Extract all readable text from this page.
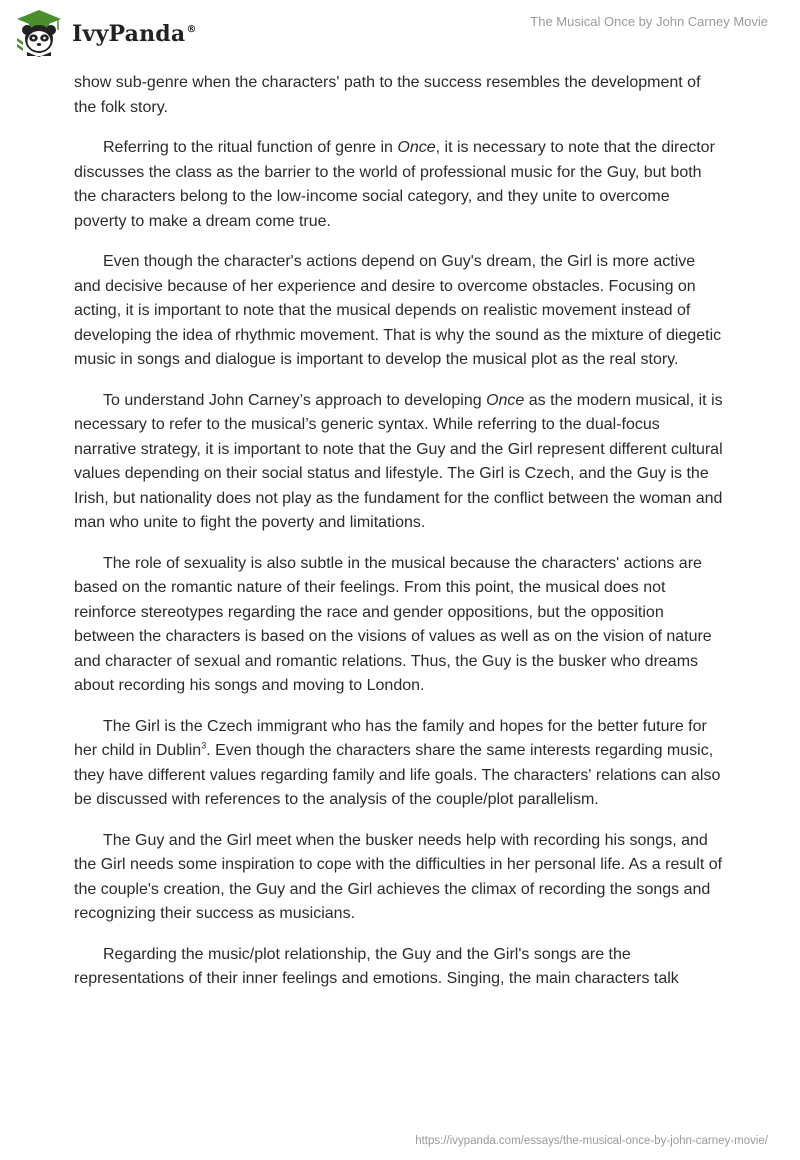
IvyPanda®
The Musical Once by John Carney Movie

show sub-genre when the characters' path to the success resembles the development of the folk story.

Referring to the ritual function of genre in Once, it is necessary to note that the director discusses the class as the barrier to the world of professional music for the Guy, but both the characters belong to the low-income social category, and they unite to overcome poverty to make a dream come true.

Even though the character's actions depend on Guy's dream, the Girl is more active and decisive because of her experience and desire to overcome obstacles. Focusing on acting, it is important to note that the musical depends on realistic movement instead of developing the idea of rhythmic movement. That is why the sound as the mixture of diegetic music in songs and dialogue is important to develop the musical plot as the real story.

To understand John Carney’s approach to developing Once as the modern musical, it is necessary to refer to the musical’s generic syntax. While referring to the dual-focus narrative strategy, it is important to note that the Guy and the Girl represent different cultural values depending on their social status and lifestyle. The Girl is Czech, and the Guy is the Irish, but nationality does not play as the fundament for the conflict between the woman and man who unite to fight the poverty and limitations.

The role of sexuality is also subtle in the musical because the characters' actions are based on the romantic nature of their feelings. From this point, the musical does not reinforce stereotypes regarding the race and gender oppositions, but the opposition between the characters is based on the visions of values as well as on the vision of nature and character of sexual and romantic relations. Thus, the Guy is the busker who dreams about recording his songs and moving to London.

The Girl is the Czech immigrant who has the family and hopes for the better future for her child in Dublin$^3$. Even though the characters share the same interests regarding music, they have different values regarding family and life goals. The characters' relations can also be discussed with references to the analysis of the couple/plot parallelism.

The Guy and the Girl meet when the busker needs help with recording his songs, and the Girl needs some inspiration to cope with the difficulties in her personal life. As a result of the couple's creation, the Guy and the Girl achieves the climax of recording the songs and recognizing their success as musicians.

Regarding the music/plot relationship, the Guy and the Girl's songs are the representations of their inner feelings and emotions. Singing, the main characters talk

https://ivypanda.com/essays/the-musical-once-by-john-carney-movie/
